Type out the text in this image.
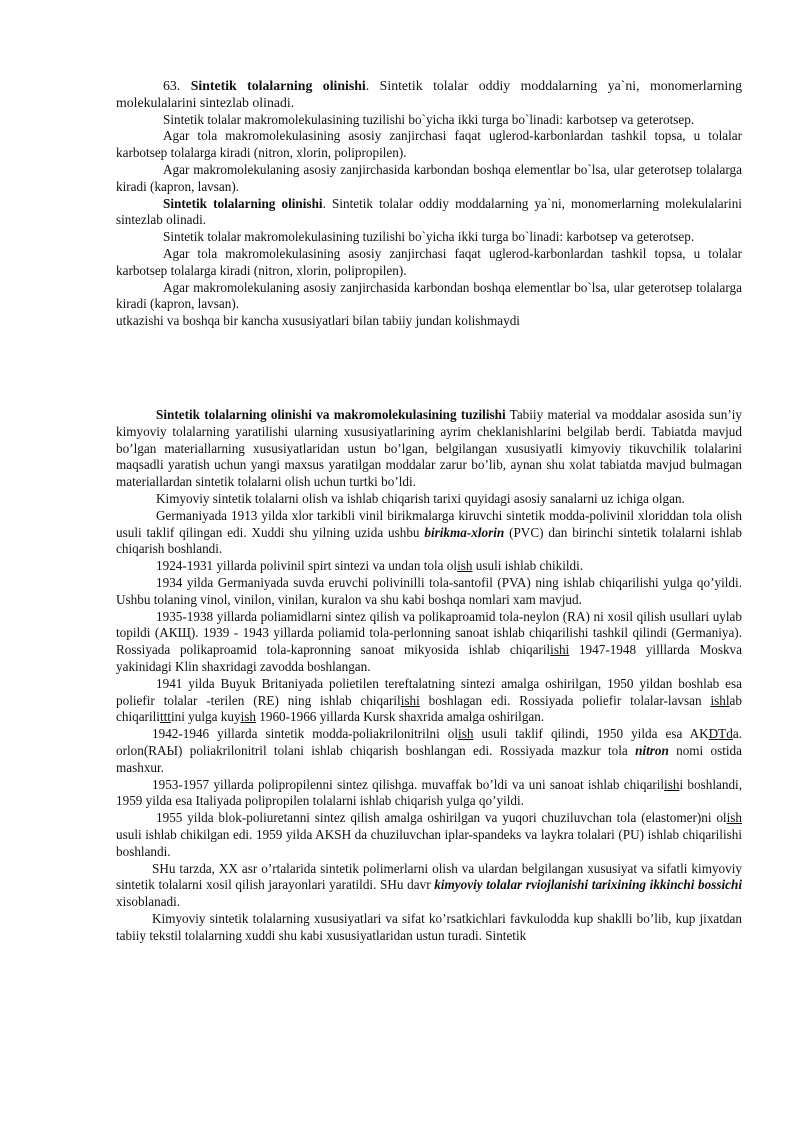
63. Sintetik tolalarning olinishi. Sintetik tolalar oddiy moddalarning ya`ni, monomerlarning molekulalarini sintezlab olinadi.

Sintetik tolalar makromolekulasining tuzilishi bo`yicha ikki turga bo`linadi: karbotsep va geterotsep.

Agar tola makromolekulasining asosiy zanjirchasi faqat uglerod-karbonlardan tashkil topsa, u tolalar karbotsep tolalarga kiradi (nitron, xlorin, polipropilen).

Agar makromolekulaning asosiy zanjirchasida karbondan boshqa elementlar bo`lsa, ular geterotsep tolalarga kiradi (kapron, lavsan).

Sintetik tolalarning olinishi. Sintetik tolalar oddiy moddalarning ya`ni, monomerlarning molekulalarini sintezlab olinadi.

Sintetik tolalar makromolekulasining tuzilishi bo`yicha ikki turga bo`linadi: karbotsep va geterotsep.

Agar tola makromolekulasining asosiy zanjirchasi faqat uglerod-karbonlardan tashkil topsa, u tolalar karbotsep tolalarga kiradi (nitron, xlorin, polipropilen).

Agar makromolekulaning asosiy zanjirchasida karbondan boshqa elementlar bo`lsa, ular geterotsep tolalarga kiradi (kapron, lavsan).

utkazishi va boshqa bir kancha xususiyatlari bilan tabiiy jundan kolishmaydi

Sintetik tolalarning olinishi va makromolekulasining tuzilishi Tabiiy material va moddalar asosida sun’iy kimyoviy tolalarning yaratilishi ularning xususiyatlarining ayrim cheklanishlarini belgilab berdi. Tabiatda mavjud bo’lgan materiallarning xususiyatlaridan ustun bo’lgan, belgilangan xususiyatli kimyoviy tikuvchilik tolalarini maqsadli yaratish uchun yangi maxsus yaratilgan moddalar zarur bo’lib, aynan shu xolat tabiatda mavjud bulmagan materiallardan sintetik tolalarni olish uchun turtki bo’ldi.

Kimyoviy sintetik tolalarni olish va ishlab chiqarish tarixi quyidagi asosiy sanalarni uz ichiga olgan.

Germaniyada 1913 yilda xlor tarkibli vinil birikmalarga kiruvchi sintetik modda-polivinil xloriddan tola olish usuli taklif qilingan edi. Xuddi shu yilning uzida ushbu birikma-xlorin (PVC) dan birinchi sintetik tolalarni ishlab chiqarish boshlandi.

1924-1931 yillarda polivinil spirt sintezi va undan tola olish usuli ishlab chikildi.

1934 yilda Germaniyada suvda eruvchi polivinilli tola-santofil (PVA) ning ishlab chiqarilishi yulga qo’yildi. Ushbu tolaning vinol, vinilon, vinilan, kuralon va shu kabi boshqa nomlari xam mavjud.

1935-1938 yillarda poliamidlarni sintez qilish va polikaproamid tola-neylon (RA) ni xosil qilish usullari uylab topildi (АКЩ). 1939 - 1943 yillarda poliamid tola-perlonning sanoat ishlab chiqarilishi tashkil qilindi (Germaniya). Rossiyada polikaproamid tola-kapronning sanoat mikyosida ishlab chiqarilishi 1947-1948 yilllarda Moskva yakinidagi Klin shaxridagi zavodda boshlangan.

1941 yilda Buyuk Britaniyada polietilen tereftalatning sintezi amalga oshirilgan, 1950 yildan boshlab esa poliefir tolalar -terilen (RE) ning ishlab chiqarilishi boshlagan edi. Rossiyada poliefir tolalar-lavsan ishlab chiqarilitttini yulga kuyish 1960-1966 yillarda Kursk shaxrida amalga oshirilgan.

1942-1946 yillarda sintetik modda-poliakrilonitrilni olish usuli taklif qilindi, 1950 yilda esa AKDTda. orlon(RAЫ) poliakrilonitril tolani ishlab chiqarish boshlangan edi. Rossiyada mazkur tola nitron nomi ostida mashxur.

1953-1957 yillarda polipropilenni sintez qilishga. muvaffak bo’ldi va uni sanoat ishlab chiqarilishi boshlandi, 1959 yilda esa Italiyada polipropilen tolalarni ishlab chiqarish yulga qo’yildi.

1955 yilda blok-poliuretanni sintez qilish amalga oshirilgan va yuqori chuziluvchan tola (elastomer)ni olish usuli ishlab chikilgan edi. 1959 yilda AKSH da chuziluvchan iplar-spandeks va laykra tolalari (PU) ishlab chiqarilishi boshlandi.

SHu tarzda, XX asr o’rtalarida sintetik polimerlarni olish va ulardan belgilangan xususiyat va sifatli kimyoviy sintetik tolalarni xosil qilish jarayonlari yaratildi. SHu davr kimyoviy tolalar rviojlanishi tarixining ikkinchi bossichi xisoblanadi.

Kimyoviy sintetik tolalarning xususiyatlari va sifat ko’rsatkichlari favkulodda kup shaklli bo’lib, kup jixatdan tabiiy tekstil tolalarning xuddi shu kabi xususiyatlaridan ustun turadi. Sintetik
